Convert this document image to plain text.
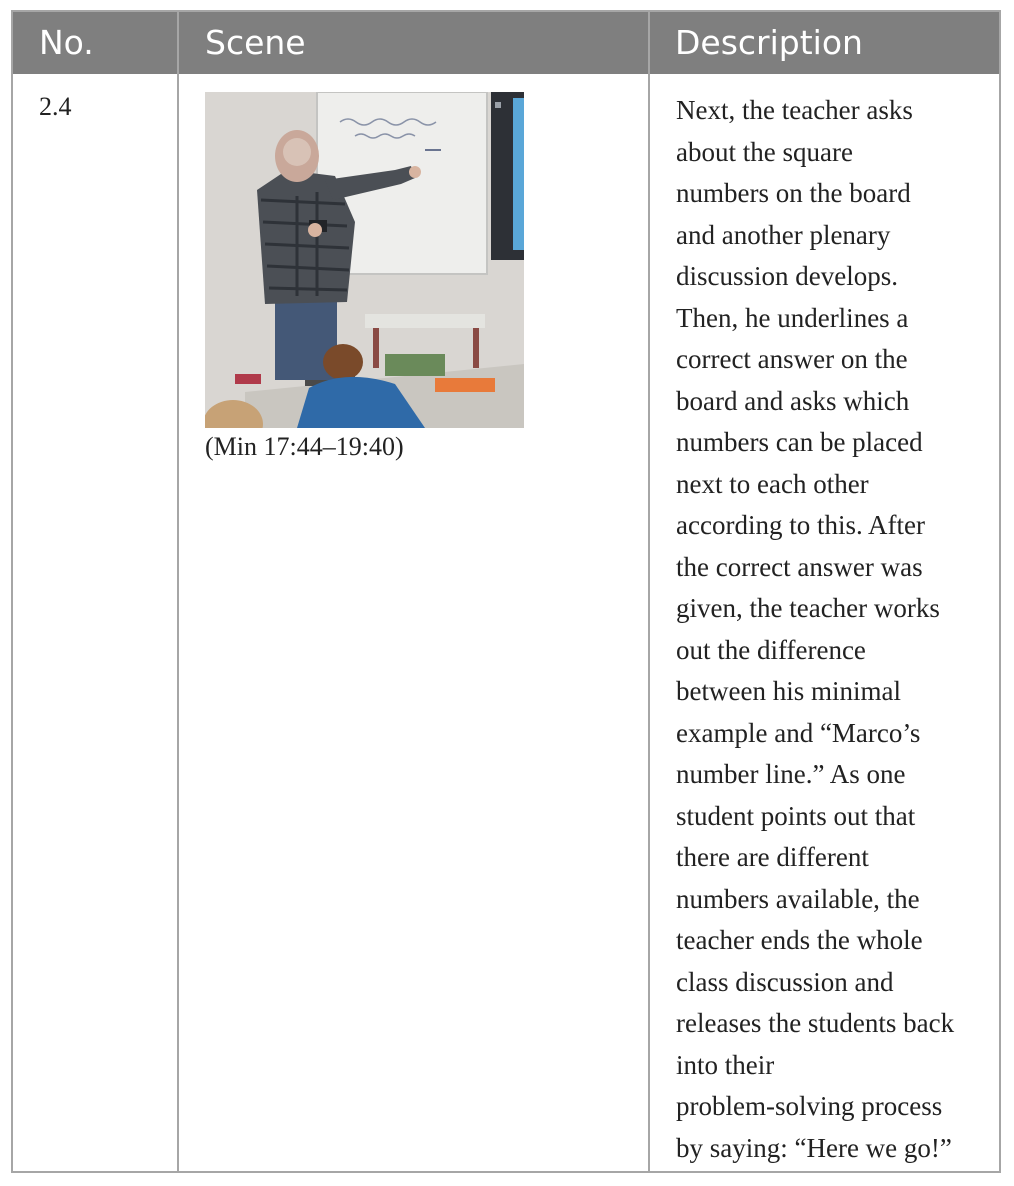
No.	Scene	Description
2.4
(Min 17:44–19:40)
Next, the teacher asks
about the square
numbers on the board
and another plenary
discussion develops.
Then, he underlines a
correct answer on the
board and asks which
numbers can be placed
next to each other
according to this. After
the correct answer was
given, the teacher works
out the difference
between his minimal
example and “Marco’s
number line.” As one
student points out that
there are different
numbers available, the
teacher ends the whole
class discussion and
releases the students back
into their
problem-solving process
by saying: “Here we go!”
